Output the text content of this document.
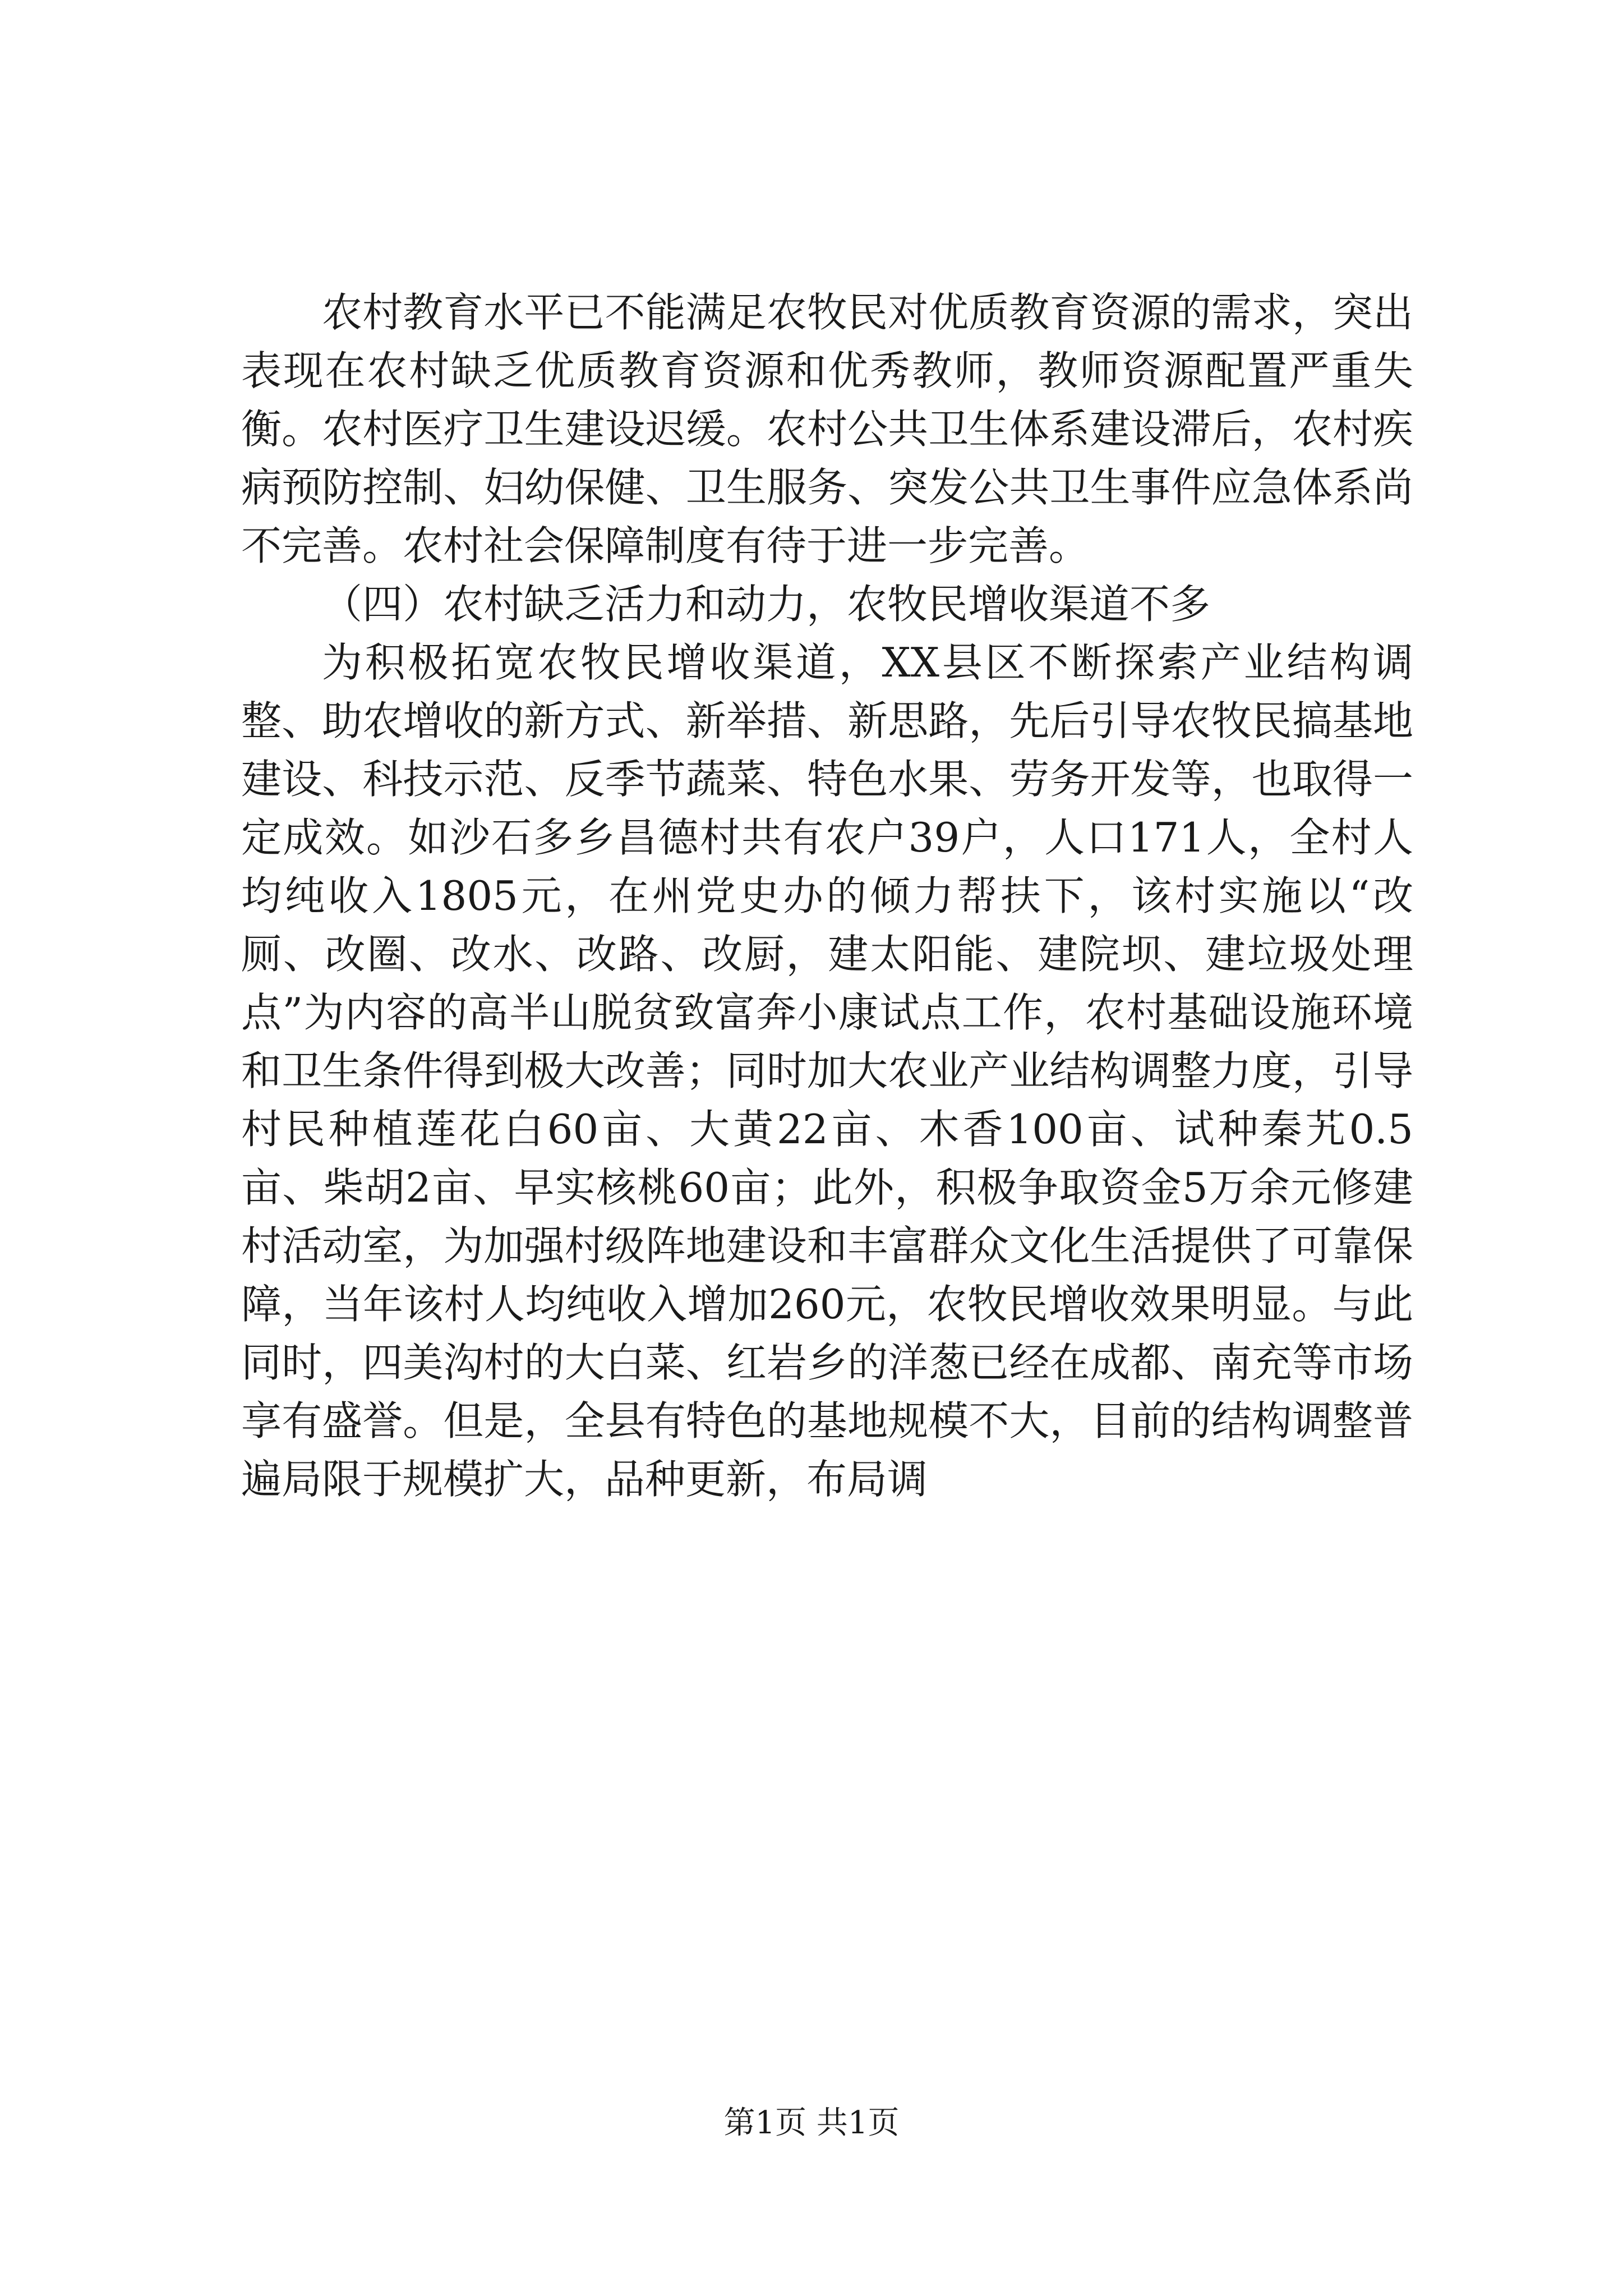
农村教育水平已不能满足农牧民对优质教育资源的需求，突出表现在农村缺乏优质教育资源和优秀教师，教师资源配置严重失衡。农村医疗卫生建设迟缓。农村公共卫生体系建设滞后，农村疾病预防控制、妇幼保健、卫生服务、突发公共卫生事件应急体系尚不完善。农村社会保障制度有待于进一步完善。

（四）农村缺乏活力和动力，农牧民增收渠道不多

为积极拓宽农牧民增收渠道，XX县区不断探索产业结构调整、助农增收的新方式、新举措、新思路，先后引导农牧民搞基地建设、科技示范、反季节蔬菜、特色水果、劳务开发等，也取得一定成效。如沙石多乡昌德村共有农户39户，人口171人，全村人均纯收入1805元，在州党史办的倾力帮扶下，该村实施以“改厕、改圈、改水、改路、改厨，建太阳能、建院坝、建垃圾处理点”为内容的高半山脱贫致富奔小康试点工作，农村基础设施环境和卫生条件得到极大改善；同时加大农业产业结构调整力度，引导村民种植莲花白60亩、大黄22亩、木香100亩、试种秦艽0.5亩、柴胡2亩、早实核桃60亩；此外，积极争取资金5万余元修建村活动室，为加强村级阵地建设和丰富群众文化生活提供了可靠保障，当年该村人均纯收入增加260元，农牧民增收效果明显。与此同时，四美沟村的大白菜、红岩乡的洋葱已经在成都、南充等市场享有盛誉。但是，全县有特色的基地规模不大，目前的结构调整普遍局限于规模扩大，品种更新，布局调

第1页 共1页
